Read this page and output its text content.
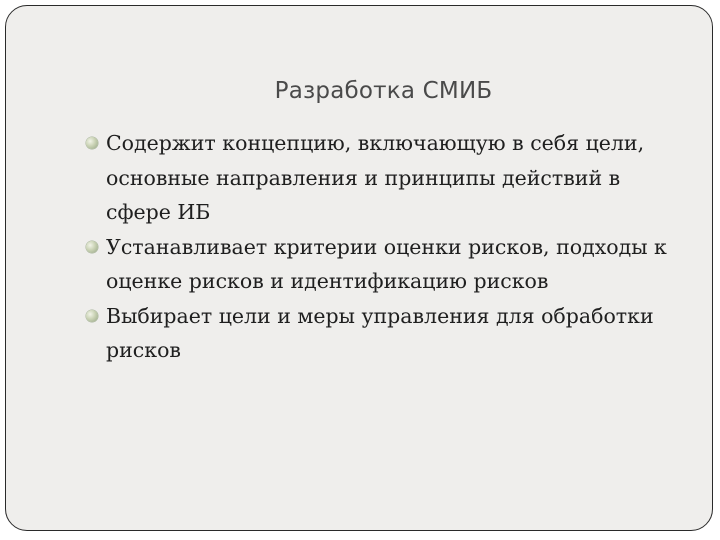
Разработка СМИБ
Содержит концепцию, включающую в себя цели, основные направления и принципы действий в сфере ИБ
Устанавливает критерии оценки рисков, подходы к оценке рисков и идентификацию рисков
Выбирает цели и меры управления для обработки рисков
